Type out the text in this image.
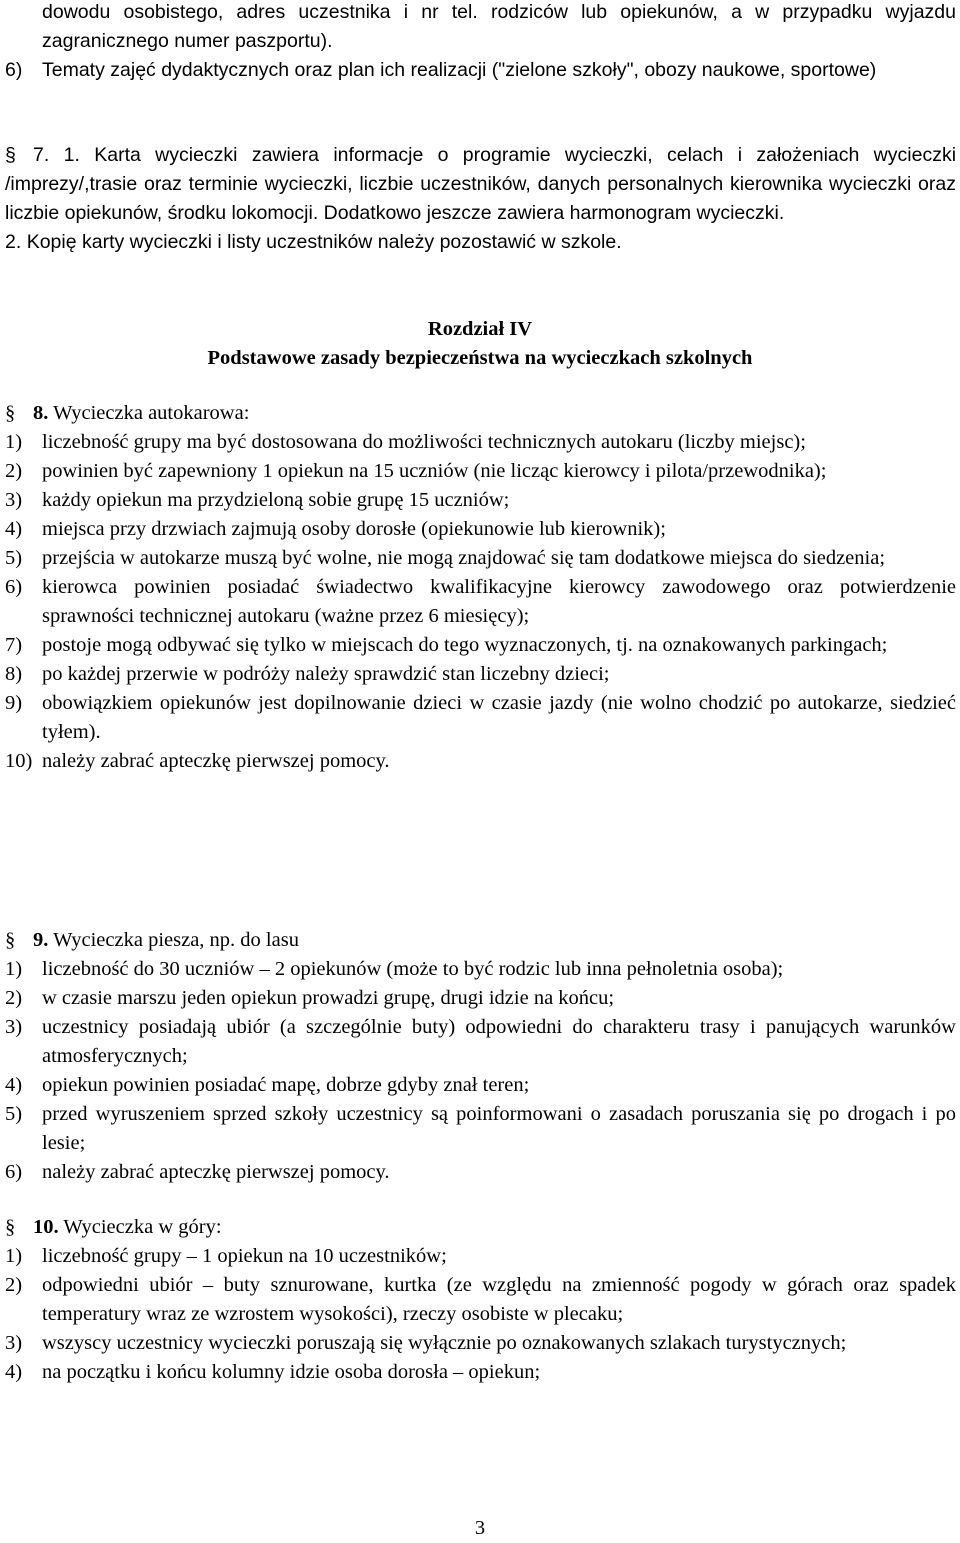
dowodu osobistego, adres uczestnika i nr tel. rodziców lub opiekunów, a w przypadku wyjazdu zagranicznego numer paszportu).
6)	Tematy zajęć dydaktycznych oraz plan ich realizacji ("zielone szkoły", obozy naukowe, sportowe)
§ 7. 1. Karta wycieczki zawiera informacje o programie wycieczki, celach i założeniach wycieczki /imprezy/,trasie oraz terminie wycieczki, liczbie uczestników, danych personalnych kierownika wycieczki oraz liczbie opiekunów, środku lokomocji. Dodatkowo jeszcze zawiera harmonogram wycieczki.
2. Kopię karty wycieczki i listy uczestników należy pozostawić w szkole.
Rozdział IV
Podstawowe zasady bezpieczeństwa na wycieczkach szkolnych
§ 8. Wycieczka autokarowa:
1) liczebność grupy ma być dostosowana do możliwości technicznych autokaru (liczby miejsc);
2) powinien być zapewniony 1 opiekun na 15 uczniów (nie licząc kierowcy i pilota/przewodnika);
3) każdy opiekun ma przydzieloną sobie grupę 15 uczniów;
4) miejsca przy drzwiach zajmują osoby dorosłe (opiekunowie lub kierownik);
5) przejścia w autokarze muszą być wolne, nie mogą znajdować się tam dodatkowe miejsca do siedzenia;
6) kierowca powinien posiadać świadectwo kwalifikacyjne kierowcy zawodowego oraz potwierdzenie sprawności technicznej autokaru (ważne przez 6 miesięcy);
7) postoje mogą odbywać się tylko w miejscach do tego wyznaczonych, tj. na oznakowanych parkingach;
8) po każdej przerwie w podróży należy sprawdzić stan liczebny dzieci;
9) obowiązkiem opiekunów jest dopilnowanie dzieci w czasie jazdy (nie wolno chodzić po autokarze, siedzieć tyłem).
10) należy zabrać apteczkę pierwszej pomocy.
§ 9. Wycieczka piesza, np. do lasu
1) liczebność do 30 uczniów – 2 opiekunów (może to być rodzic lub inna pełnoletnia osoba);
2) w czasie marszu jeden opiekun prowadzi grupę, drugi idzie na końcu;
3) uczestnicy posiadają ubiór (a szczególnie buty) odpowiedni do charakteru trasy i panujących warunków atmosferycznych;
4) opiekun powinien posiadać mapę, dobrze gdyby znał teren;
5) przed wyruszeniem sprzed szkoły uczestnicy są poinformowani o zasadach poruszania się po drogach i po lesie;
6) należy zabrać apteczkę pierwszej pomocy.
§ 10. Wycieczka w góry:
1) liczebność grupy – 1 opiekun na 10 uczestników;
2) odpowiedni ubiór – buty sznurowane, kurtka (ze względu na zmienność pogody w górach oraz spadek temperatury wraz ze wzrostem wysokości), rzeczy osobiste w plecaku;
3) wszyscy uczestnicy wycieczki poruszają się wyłącznie po oznakowanych szlakach turystycznych;
4) na początku i końcu kolumny idzie osoba dorosła – opiekun;
3
